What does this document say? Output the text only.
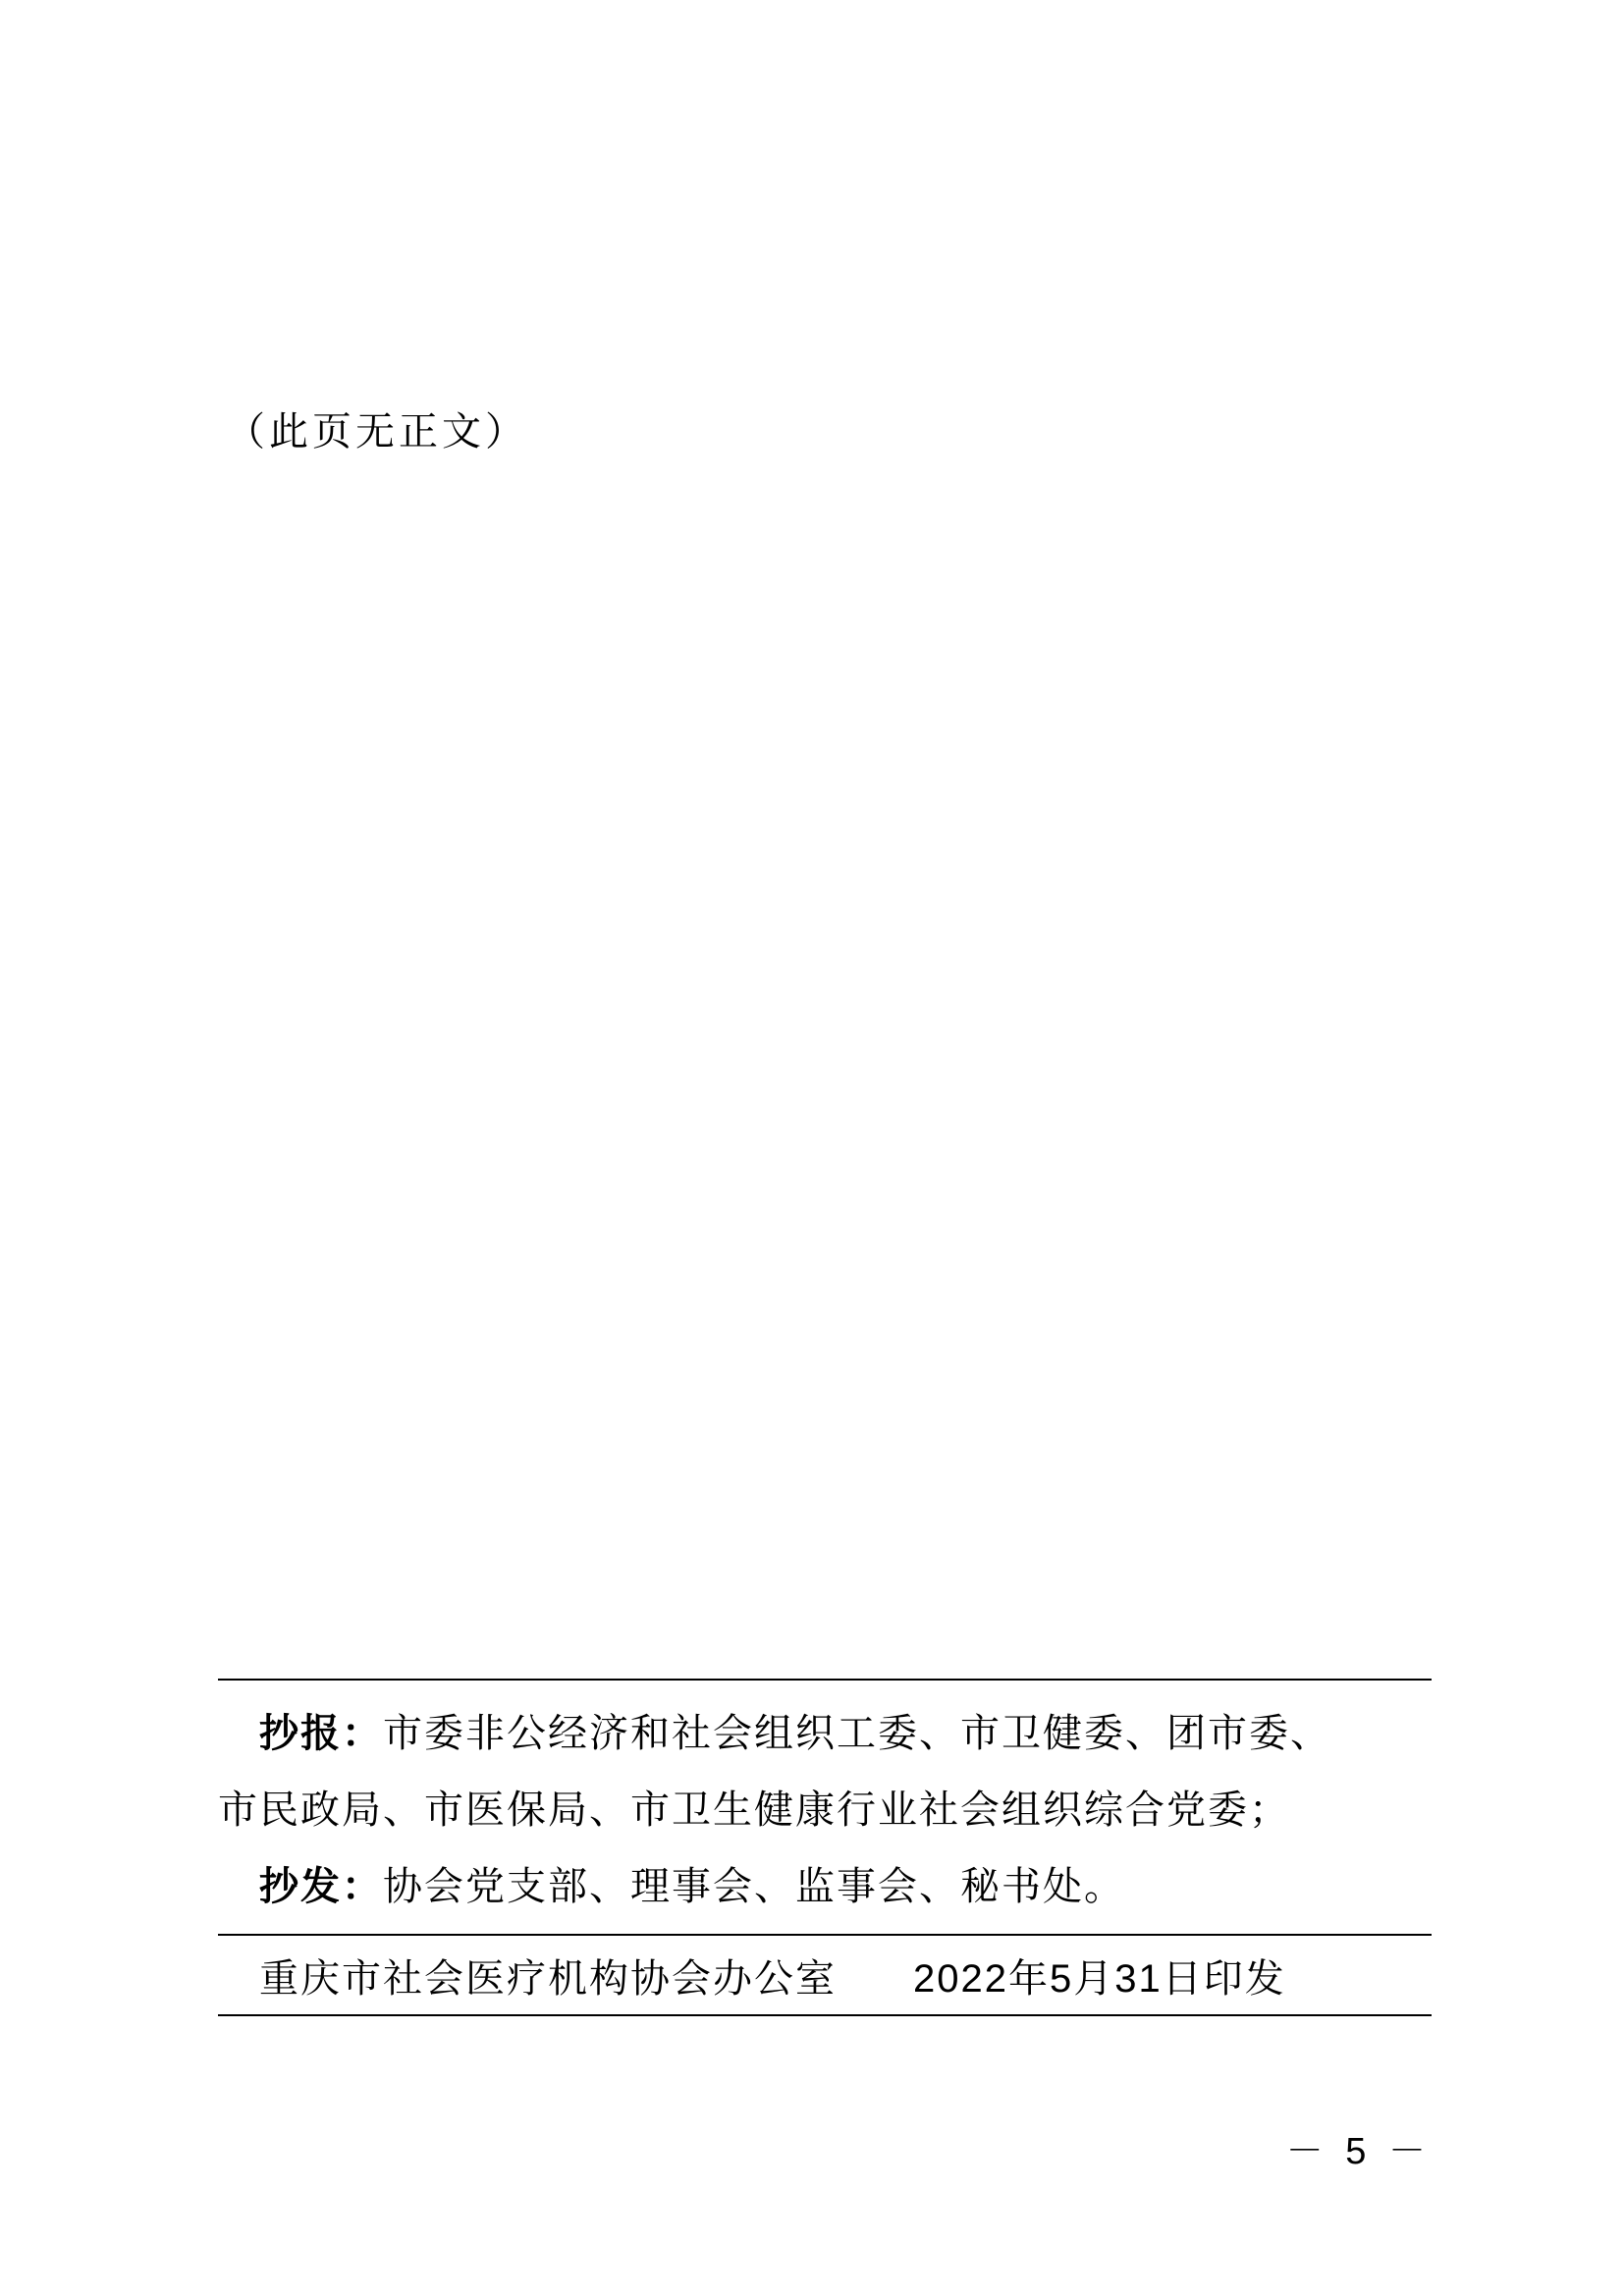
（此页无正文）
抄报：市委非公经济和社会组织工委、市卫健委、团市委、
市民政局、市医保局、市卫生健康行业社会组织综合党委；
抄发：协会党支部、理事会、监事会、秘书处。
重庆市社会医疗机构协会办公室 2022年5月31日印发
－ 5 －
